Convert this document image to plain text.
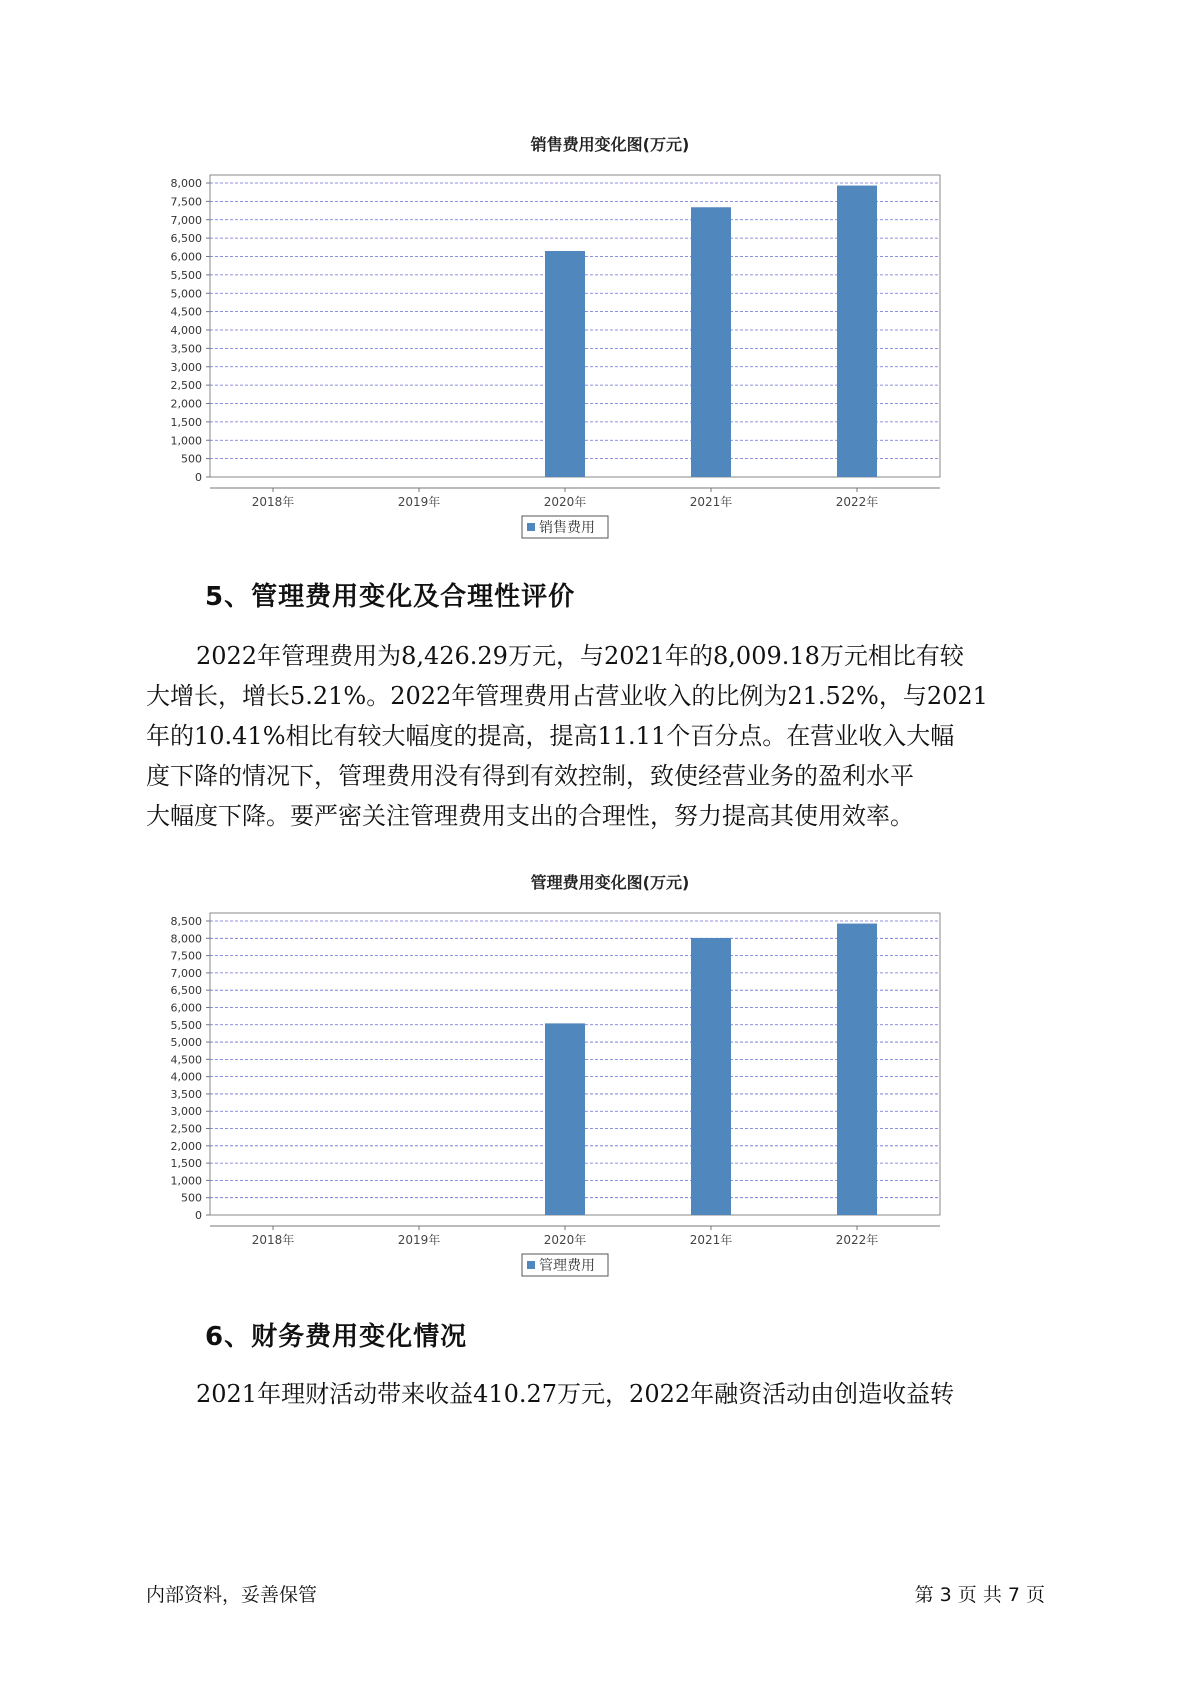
销售费用变化图(万元)
0
500
1,000
1,500
2,000
2,500
3,000
3,500
4,000
4,500
5,000
5,500
6,000
6,500
7,000
7,500
8,000
2018年	2019年	2020年	2021年	2022年
销售费用
5、管理费用变化及合理性评价
2022年管理费用为8,426.29万元，与2021年的8,009.18万元相比有较
大增长，增长5.21%。2022年管理费用占营业收入的比例为21.52%，与2021
年的10.41%相比有较大幅度的提高，提高11.11个百分点。在营业收入大幅
度下降的情况下，管理费用没有得到有效控制，致使经营业务的盈利水平
大幅度下降。要严密关注管理费用支出的合理性，努力提高其使用效率。
管理费用变化图(万元)
0
500
1,000
1,500
2,000
2,500
3,000
3,500
4,000
4,500
5,000
5,500
6,000
6,500
7,000
7,500
8,000
8,500
2018年	2019年	2020年	2021年	2022年
管理费用
6、财务费用变化情况
2021年理财活动带来收益410.27万元，2022年融资活动由创造收益转
内部资料，妥善保管	第 3 页 共 7 页
